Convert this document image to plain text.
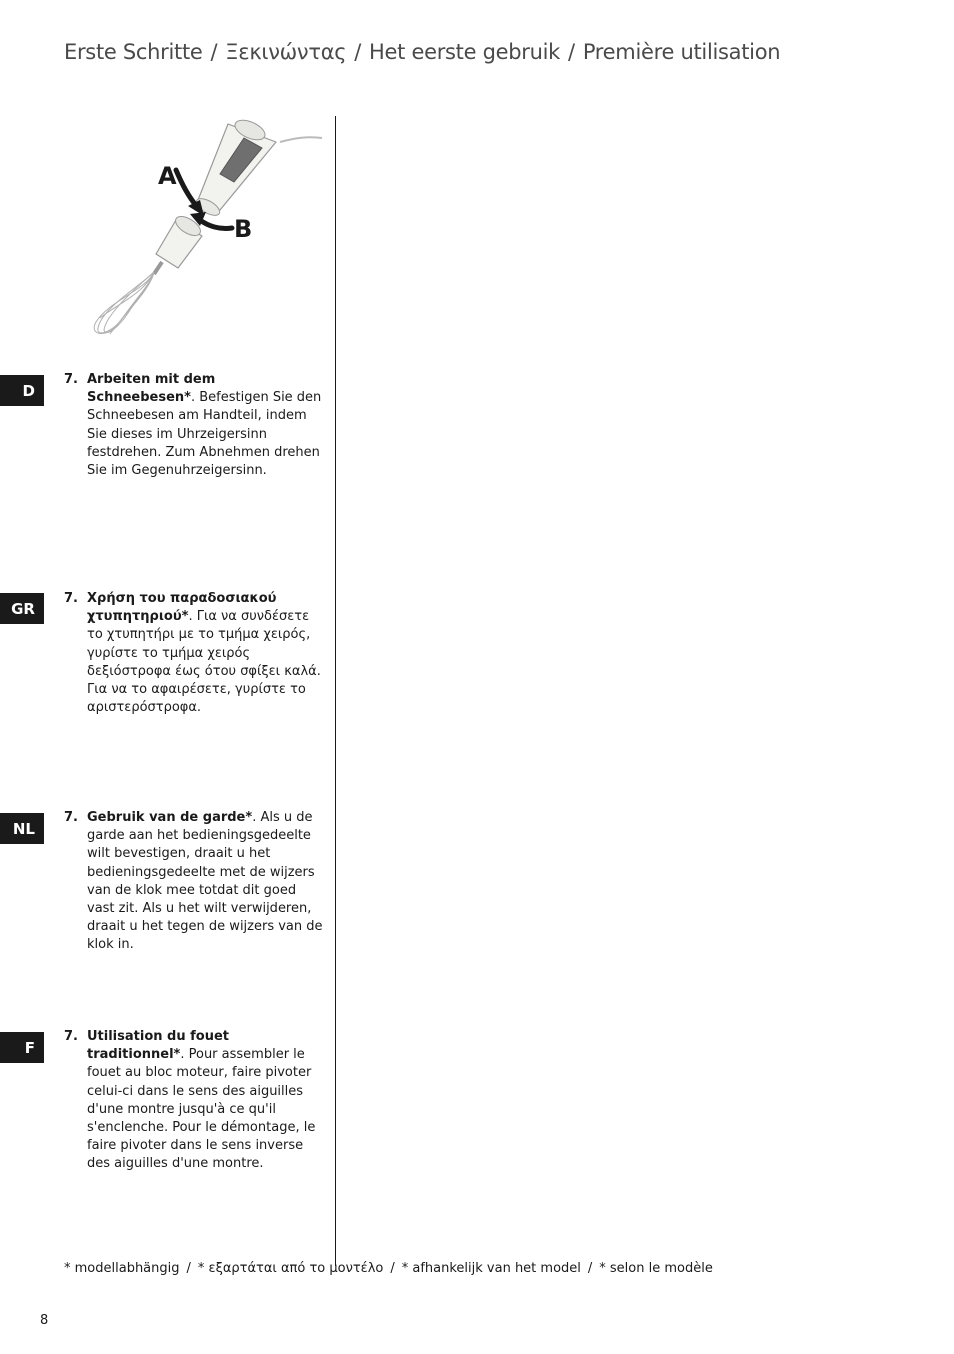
Erste Schritte / Ξεκινώντας / Het eerste gebruik / Première utilisation
A
B
D
7. Arbeiten mit dem Schneebesen*. Befestigen Sie den Schneebesen am Handteil, indem Sie dieses im Uhrzeigersinn festdrehen. Zum Abnehmen drehen Sie im Gegenuhrzeigersinn.
GR
7. Χρήση του παραδοσιακού χτυπητηριού*. Για να συνδέσετε το χτυπητήρι με το τμήμα χειρός, γυρίστε το τμήμα χειρός δεξιόστροφα έως ότου σφίξει καλά. Για να το αφαιρέσετε, γυρίστε το αριστερόστροφα.
NL
7. Gebruik van de garde*. Als u de garde aan het bedieningsgedeelte wilt bevestigen, draait u het bedieningsgedeelte met de wijzers van de klok mee totdat dit goed vast zit. Als u het wilt verwijderen, draait u het tegen de wijzers van de klok in.
F
7. Utilisation du fouet traditionnel*. Pour assembler le fouet au bloc moteur, faire pivoter celui-ci dans le sens des aiguilles d'une montre jusqu'à ce qu'il s'enclenche. Pour le démontage, le faire pivoter dans le sens inverse des aiguilles d'une montre.
* modellabhängig / * εξαρτάται από το μοντέλο / * afhankelijk van het model / * selon le modèle
8
